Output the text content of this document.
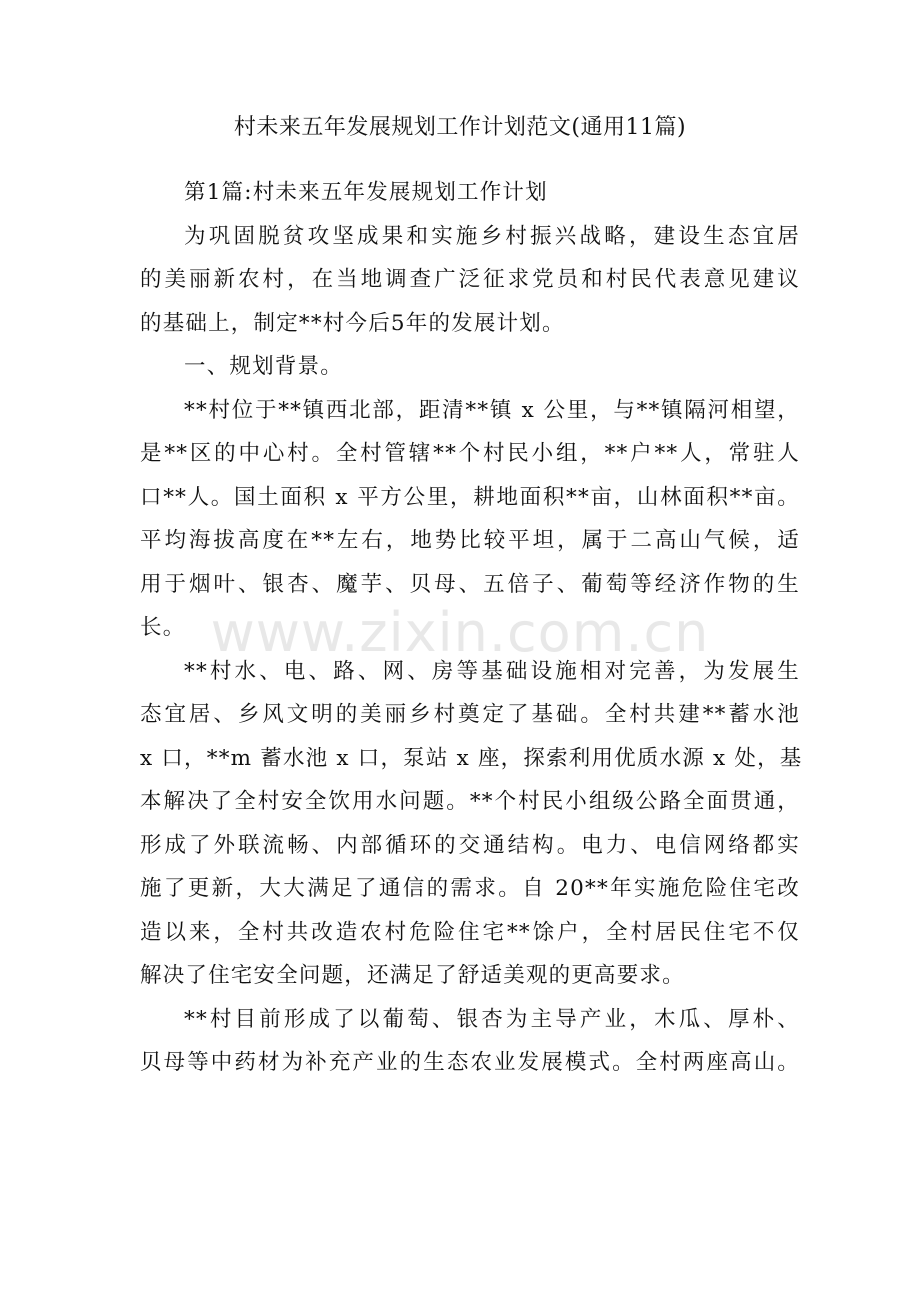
村未来五年发展规划工作计划范文(通用11篇)
第1篇:村未来五年发展规划工作计划
为巩固脱贫攻坚成果和实施乡村振兴战略，建设生态宜居
的美丽新农村，在当地调查广泛征求党员和村民代表意见建议
的基础上，制定**村今后5年的发展计划。
一、规划背景。
**村位于**镇西北部，距清**镇 x 公里，与**镇隔河相望，
是**区的中心村。全村管辖**个村民小组，**户**人，常驻人
口**人。国土面积 x 平方公里，耕地面积**亩，山林面积**亩。
平均海拔高度在**左右，地势比较平坦，属于二高山气候，适
用于烟叶、银杏、魔芋、贝母、五倍子、葡萄等经济作物的生
长。
**村水、电、路、网、房等基础设施相对完善，为发展生
态宜居、乡风文明的美丽乡村奠定了基础。全村共建**蓄水池
x 口，**m 蓄水池 x 口，泵站 x 座，探索利用优质水源 x 处，基
本解决了全村安全饮用水问题。**个村民小组级公路全面贯通，
形成了外联流畅、内部循环的交通结构。电力、电信网络都实
施了更新，大大满足了通信的需求。自 20**年实施危险住宅改
造以来，全村共改造农村危险住宅**馀户，全村居民住宅不仅
解决了住宅安全问题，还满足了舒适美观的更高要求。
**村目前形成了以葡萄、银杏为主导产业，木瓜、厚朴、
贝母等中药材为补充产业的生态农业发展模式。全村两座高山。
www.zixin.com.cn
